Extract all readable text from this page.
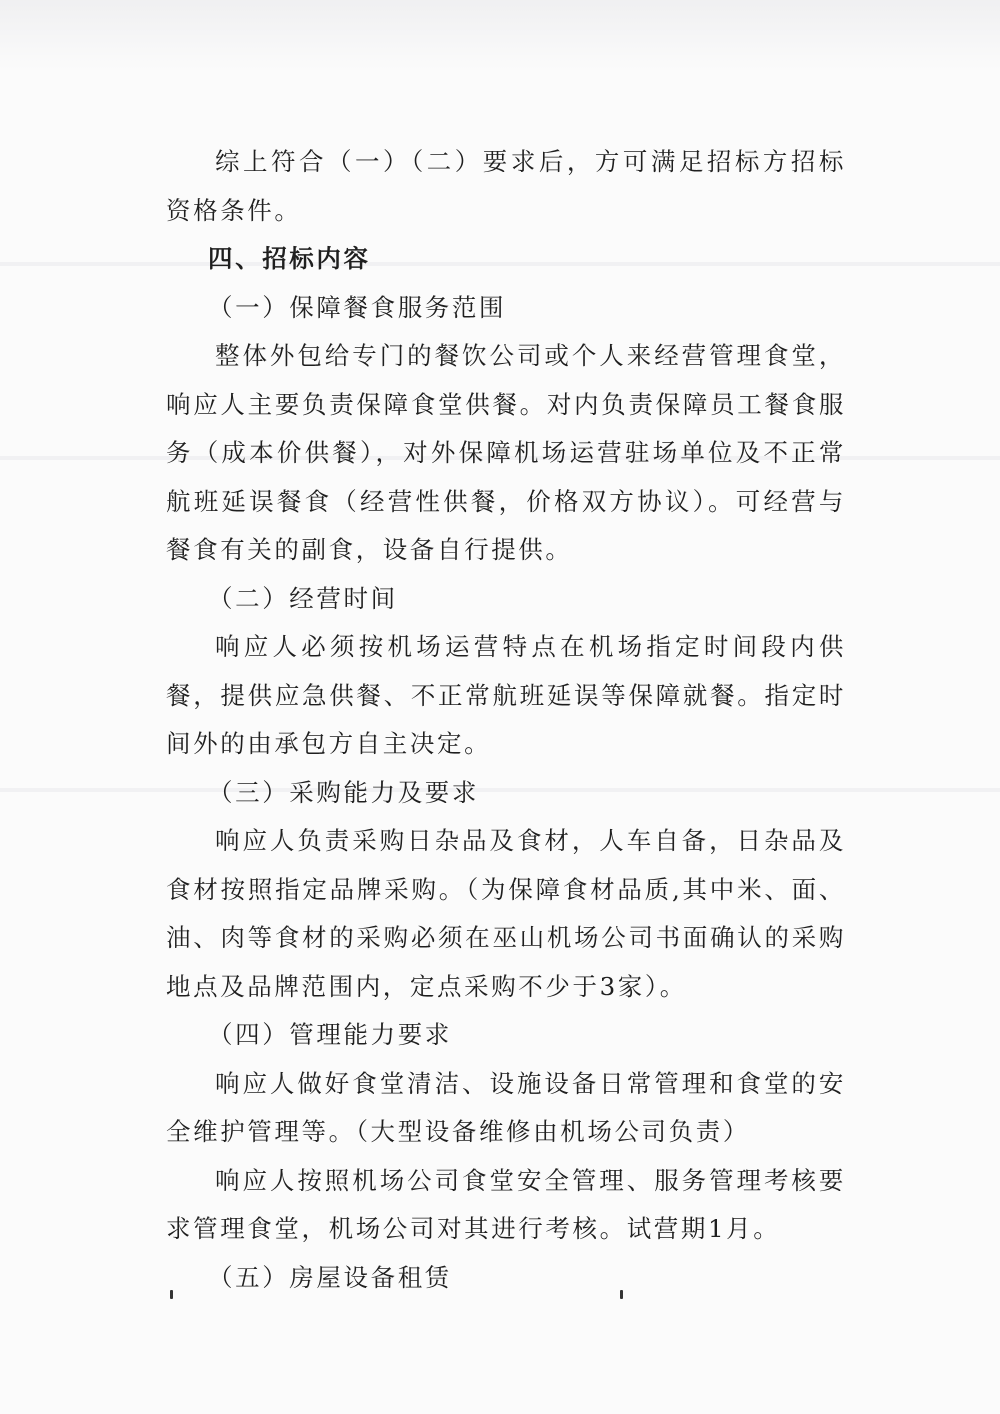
综上符合（一）（二）要求后，方可满足招标方招标资格条件。

四、招标内容
（一）保障餐食服务范围

整体外包给专门的餐饮公司或个人来经营管理食堂，响应人主要负责保障食堂供餐。对内负责保障员工餐食服务（成本价供餐），对外保障机场运营驻场单位及不正常航班延误餐食（经营性供餐，价格双方协议）。可经营与餐食有关的副食，设备自行提供。

（二）经营时间

响应人必须按机场运营特点在机场指定时间段内供餐，提供应急供餐、不正常航班延误等保障就餐。指定时间外的由承包方自主决定。

（三）采购能力及要求

响应人负责采购日杂品及食材，人车自备，日杂品及食材按照指定品牌采购。（为保障食材品质,其中米、面、油、肉等食材的采购必须在巫山机场公司书面确认的采购地点及品牌范围内，定点采购不少于3家）。

（四）管理能力要求

响应人做好食堂清洁、设施设备日常管理和食堂的安全维护管理等。（大型设备维修由机场公司负责）

响应人按照机场公司食堂安全管理、服务管理考核要求管理食堂，机场公司对其进行考核。试营期1月。

（五）房屋设备租赁
